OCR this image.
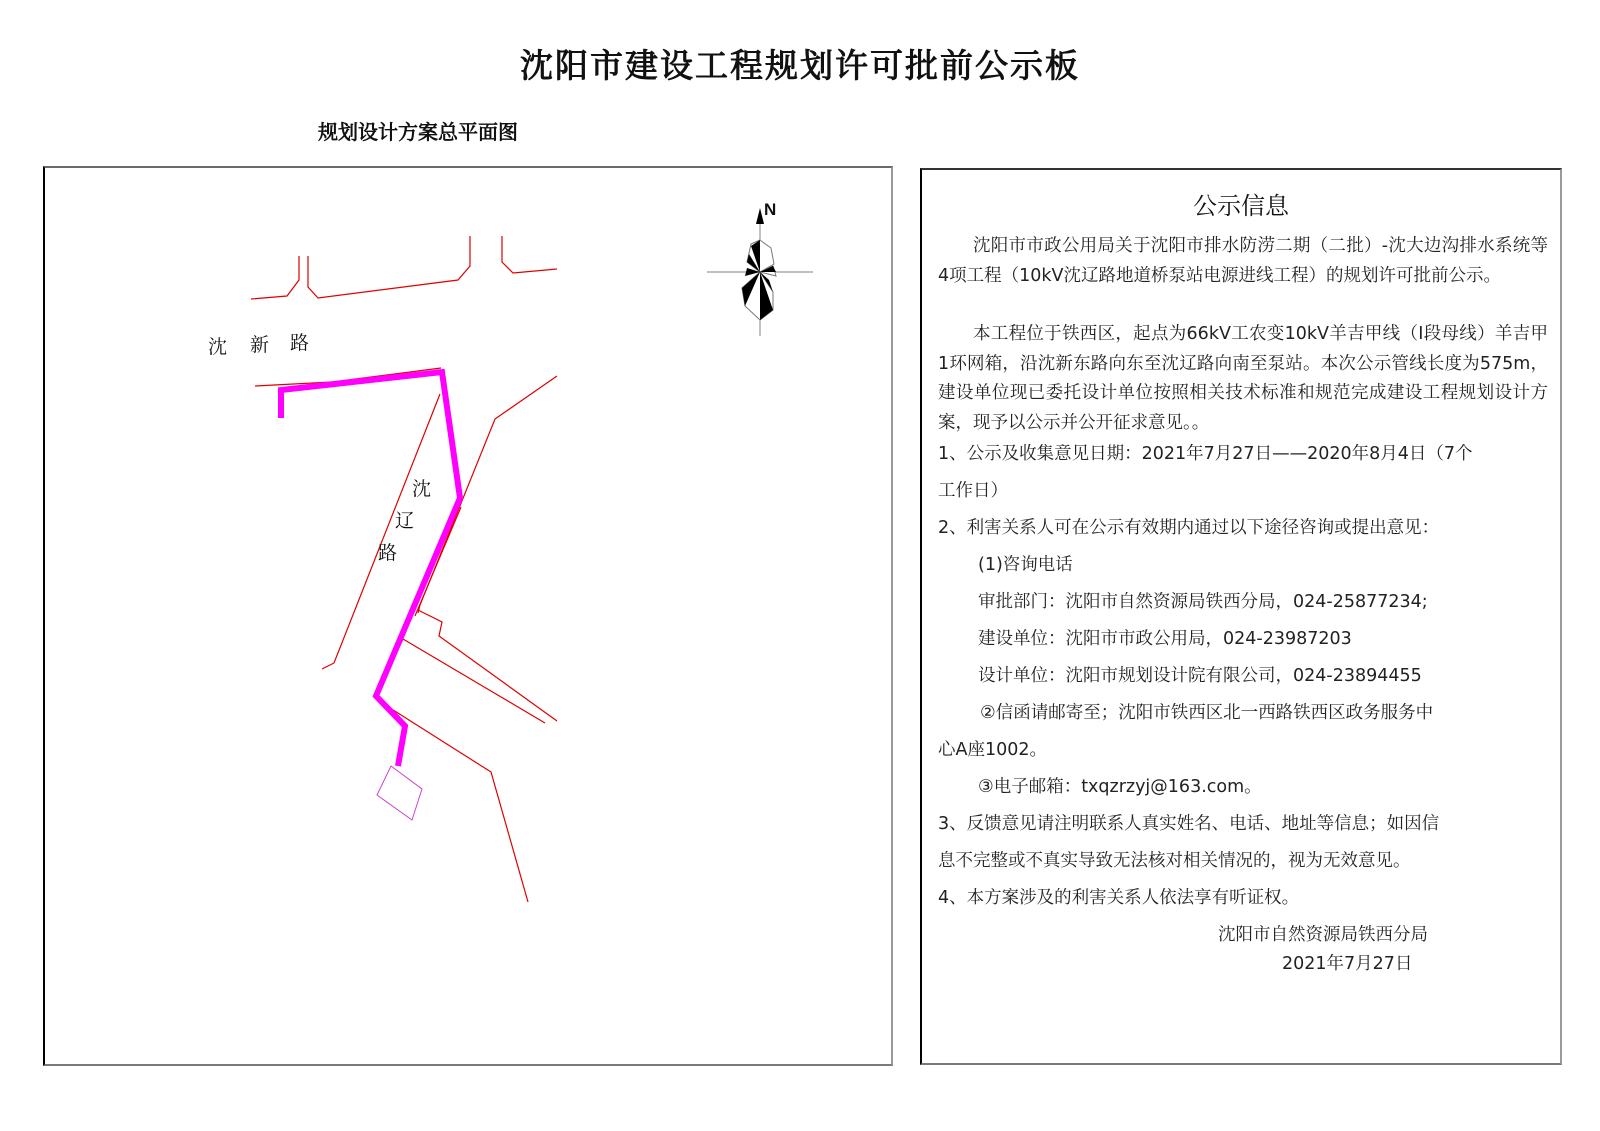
沈阳市建设工程规划许可批前公示板
规划设计方案总平面图
沈 新 路
沈
辽
路
N	公示信息
沈阳市市政公用局关于沈阳市排水防涝二期（二批）-沈大边沟排水系统等4项工程（10kV沈辽路地道桥泵站电源进线工程）的规划许可批前公示。
本工程位于铁西区，起点为66kV工农变10kV羊吉甲线（I段母线）羊吉甲1环网箱，沿沈新东路向东至沈辽路向南至泵站。本次公示管线长度为575m，建设单位现已委托设计单位按照相关技术标准和规范完成建设工程规划设计方案，现予以公示并公开征求意见。。
1、公示及收集意见日期：2021年7月27日——2020年8月4日（7个
工作日）
2、利害关系人可在公示有效期内通过以下途径咨询或提出意见：
(1)咨询电话
审批部门：沈阳市自然资源局铁西分局，024-25877234;
建设单位：沈阳市市政公用局，024-23987203
设计单位：沈阳市规划设计院有限公司，024-23894455
②信函请邮寄至；沈阳市铁西区北一西路铁西区政务服务中
心A座1002。
③电子邮箱：txqzrzyj@163.com。
3、反馈意见请注明联系人真实姓名、电话、地址等信息；如因信
息不完整或不真实导致无法核对相关情况的，视为无效意见。
4、本方案涉及的利害关系人依法享有听证权。
沈阳市自然资源局铁西分局
2021年7月27日
